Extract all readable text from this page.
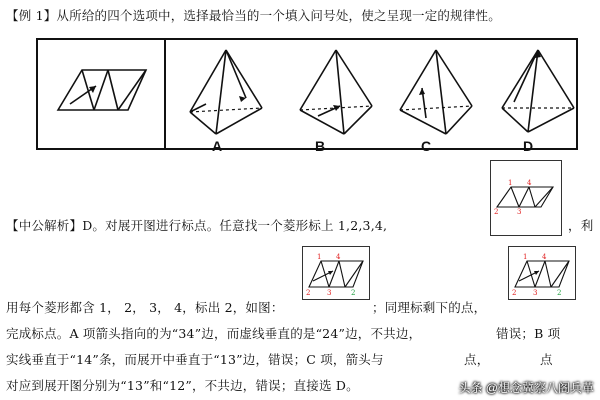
【例 1】从所给的四个选项中，选择最恰当的一个填入问号处，使之呈现一定的规律性。
A	B	C	D
1 4
2	3
1 4
2 3	2
1 4
2 3	2
【中公解析】D。对展开图进行标点。任意找一个菱形标上 1,2,3,4,	，利
用每个菱形都含 1， 2， 3， 4，标出 2，如图：	；同理标剩下的点，
完成标点。A 项箭头指向的为“34”边，而虚线垂直的是“24”边，不共边，	错误；B 项
实线垂直于“14”条，而展开中垂直于“13”边，错误；C 项，箭头与	点，	点
对应到展开图分别为“13”和“12”，不共边，错误；直接选 D。	头条 @想念冀察八阁兵革
